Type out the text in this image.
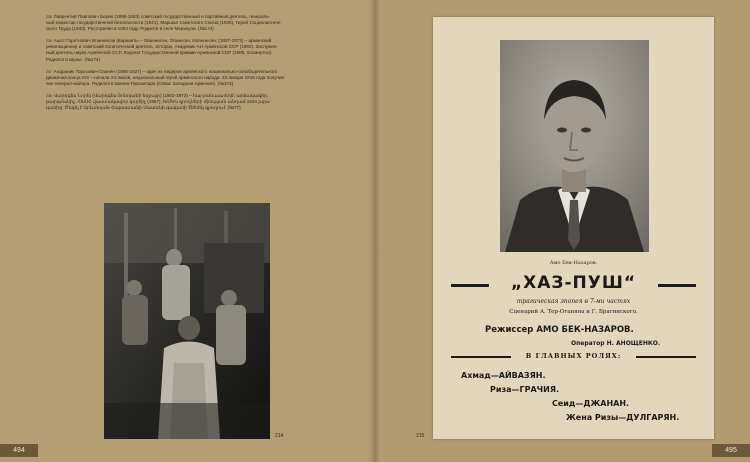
$^{235}$ Лаврентий Павлович Берия (1899-1953) советский государственный и партийный деятель, генераль-
ный комиссар государственной безопасности (1941), Маршал Советского Союза (1945), Герой Социалистиче-
ского Труда (1943). Расстрелян в 1953 году. Родился в селе Мерхеули. (№174)
$^{236}$ Ашот Гаретнович Иоаннисян (варианты – Ованнисян, Оганесян, Иоаннесян; (1887-1972) – армянский
революционер и советский политический деятель, историк. Академик АН Армянской ССР (1960). Заслужен-
ный деятель науки Армянской ССР. Лауреат Государственной премии Армянской ССР (1985, посмертно).
Родился в Шуше. (№174)
$^{237}$ Андраник Торосович Озанян (1865-1927) – один из лидеров армянского национально-освободительного
движения конца XIX – начала XX веков, национальный герой армянского народа. 23 января 1918 года получил
чин генерал-майора. Родился в Шапин-Гарахисаре (Севас Западная Армения). (№174)
$^{238}$ Վարդգես Նորեյ (Վարդգես Տոնոյանի եղբայր) (1903-1973) – հայ բանաստեղծ, արձակագիր,
թարգմանիչ, ՀԽՍՀ վաստակավոր գործիչ (1967), ԽՄԿԿ գրողների միության անդամ 1934 թվա-
կանից: Ծնվել է Արևմտյան Հայաստանի Սասունի գավառի Ծծնեկ գյուղում: (№77)
214	215
494	495
Амо Бек-Назаров.
„ХАЗ-ПУШ“
трагическая эпопея в 7-ми частях
Сценарий А. Тер-Оганяна и Г. Брагинского.
Режиссер АМО БЕК-НАЗАРОВ.
Оператор Н. АНОЩЕНКО.
В ГЛАВНЫХ РОЛЯХ:
Ахмад—АЙВАЗЯН.
Риза—ГРАЧИЯ.
Сеид—ДЖАНАН.
Жена Ризы—ДУЛГАРЯН.
